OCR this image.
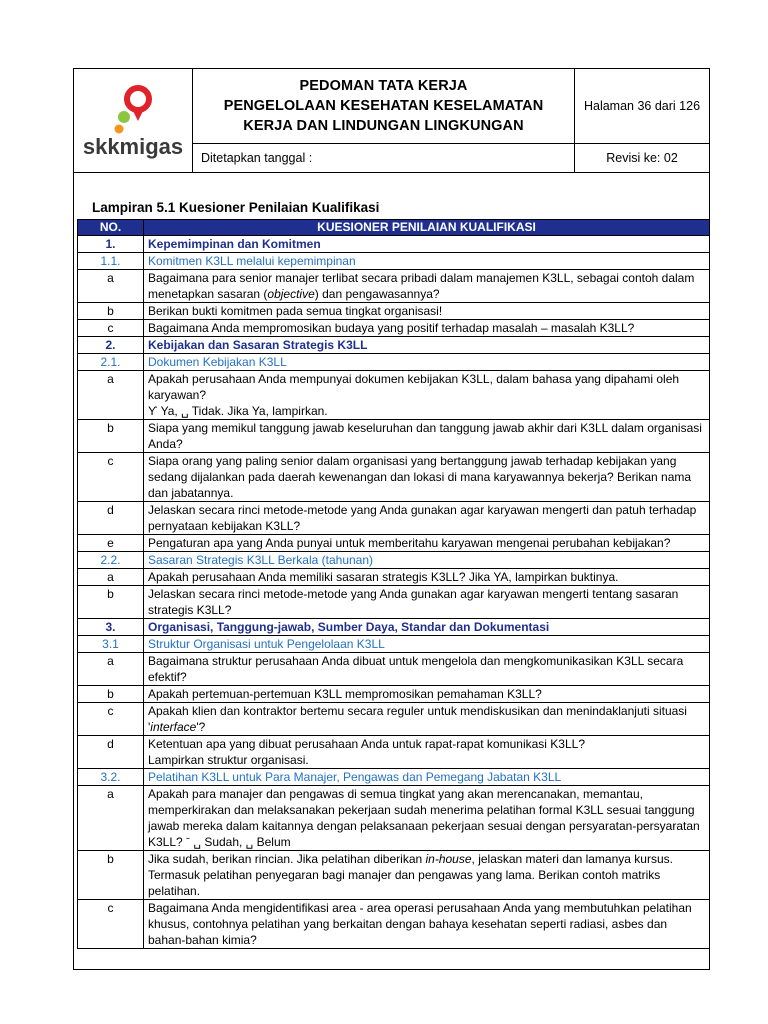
skkmigas	PEDOMAN TATA KERJA
PENGELOLAAN KESEHATAN KESELAMATAN
KERJA DAN LINDUNGAN LINGKUNGAN	Halaman 36 dari 126
	Ditetapkan tanggal :	Revisi ke: 02
Lampiran 5.1 Kuesioner Penilaian Kualifikasi
NO.	KUESIONER PENILAIAN KUALIFIKASI
1.	Kepemimpinan dan Komitmen
1.1.	Komitmen K3LL melalui kepemimpinan
a	Bagaimana para senior manajer terlibat secara pribadi dalam manajemen K3LL, sebagai contoh dalam menetapkan sasaran (objective) dan pengawasannya?
b	Berikan bukti komitmen pada semua tingkat organisasi!
c	Bagaimana Anda mempromosikan budaya yang positif terhadap masalah – masalah K3LL?
2.	Kebijakan dan Sasaran Strategis K3LL
2.1.	Dokumen Kebijakan K3LL
a	Apakah perusahaan Anda mempunyai dokumen kebijakan K3LL, dalam bahasa yang dipahami oleh karyawan?
ϒ Ya, ␣ Tidak. Jika Ya, lampirkan.
b	Siapa yang memikul tanggung jawab keseluruhan dan tanggung jawab akhir dari K3LL dalam organisasi Anda?
c	Siapa orang yang paling senior dalam organisasi yang bertanggung jawab terhadap kebijakan yang sedang dijalankan pada daerah kewenangan dan lokasi di mana karyawannya bekerja? Berikan nama dan jabatannya.
d	Jelaskan secara rinci metode-metode yang Anda gunakan agar karyawan mengerti dan patuh terhadap pernyataan kebijakan K3LL?
e	Pengaturan apa yang Anda punyai untuk memberitahu karyawan mengenai perubahan kebijakan?
2.2.	Sasaran Strategis K3LL Berkala (tahunan)
a	Apakah perusahaan Anda memiliki sasaran strategis K3LL? Jika YA, lampirkan buktinya.
b	Jelaskan secara rinci metode-metode yang Anda gunakan agar karyawan mengerti tentang sasaran strategis K3LL?
3.	Organisasi, Tanggung-jawab, Sumber Daya, Standar dan Dokumentasi
3.1	Struktur Organisasi untuk Pengelolaan K3LL
a	Bagaimana struktur perusahaan Anda dibuat untuk mengelola dan mengkomunikasikan K3LL secara efektif?
b	Apakah pertemuan-pertemuan K3LL mempromosikan pemahaman K3LL?
c	Apakah klien dan kontraktor bertemu secara reguler untuk mendiskusikan dan menindaklanjuti situasi 'interface'?
d	Ketentuan apa yang dibuat perusahaan Anda untuk rapat-rapat komunikasi K3LL?
Lampirkan struktur organisasi.
3.2.	Pelatihan K3LL untuk Para Manajer, Pengawas dan Pemegang Jabatan K3LL
a	Apakah para manajer dan pengawas di semua tingkat yang akan merencanakan, memantau, memperkirakan dan melaksanakan pekerjaan sudah menerima pelatihan formal K3LL sesuai tanggung jawab mereka dalam kaitannya dengan pelaksanaan pekerjaan sesuai dengan persyaratan-persyaratan K3LL? ˉ ␣ Sudah, ␣ Belum
b	Jika sudah, berikan rincian. Jika pelatihan diberikan in-house, jelaskan materi dan lamanya kursus. Termasuk pelatihan penyegaran bagi manajer dan pengawas yang lama. Berikan contoh matriks pelatihan.
c	Bagaimana Anda mengidentifikasi area - area operasi perusahaan Anda yang membutuhkan pelatihan khusus, contohnya pelatihan yang berkaitan dengan bahaya kesehatan seperti radiasi, asbes dan bahan-bahan kimia?
